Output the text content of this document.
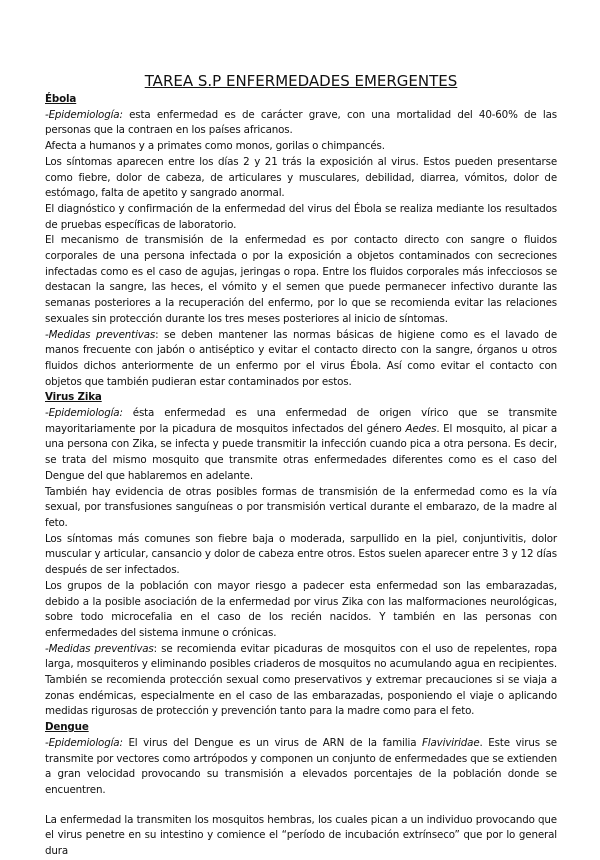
TAREA S.P ENFERMEDADES EMERGENTES
Ébola

-Epidemiología: esta enfermedad es de carácter grave, con una mortalidad del 40-60% de las personas que la contraen en los países africanos.

Afecta a humanos y a primates como monos, gorilas o chimpancés.

Los síntomas aparecen entre los días 2 y 21 trás la exposición al virus. Estos pueden presentarse como fiebre, dolor de cabeza, de articulares y musculares, debilidad, diarrea, vómitos, dolor de estómago, falta de apetito y sangrado anormal.

El diagnóstico y confirmación de la enfermedad del virus del Ébola se realiza mediante los resultados de pruebas específicas de laboratorio.

El mecanismo de transmisión de la enfermedad es por contacto directo con sangre o fluidos corporales de una persona infectada o por la exposición a objetos contaminados con secreciones infectadas como es el caso de agujas, jeringas o ropa. Entre los fluidos corporales más infecciosos se destacan la sangre, las heces, el vómito y el semen que puede permanecer infectivo durante las semanas posteriores a la recuperación del enfermo, por lo que se recomienda evitar las relaciones sexuales sin protección durante los tres meses posteriores al inicio de síntomas.

-Medidas preventivas: se deben mantener las normas básicas de higiene como es el lavado de manos frecuente con jabón o antiséptico y evitar el contacto directo con la sangre, órganos u otros fluidos dichos anteriormente de un enfermo por el virus Ébola. Así como evitar el contacto con objetos que también pudieran estar contaminados por estos.

Virus Zika

-Epidemiología: ésta enfermedad es una enfermedad de origen vírico que se transmite mayoritariamente por la picadura de mosquitos infectados del género Aedes. El mosquito, al picar a una persona con Zika, se infecta y puede transmitir la infección cuando pica a otra persona. Es decir, se trata del mismo mosquito que transmite otras enfermedades diferentes como es el caso del Dengue del que hablaremos en adelante.

También hay evidencia de otras posibles formas de transmisión de la enfermedad como es la vía sexual, por transfusiones sanguíneas o por transmisión vertical durante el embarazo, de la madre al feto.

Los síntomas más comunes son fiebre baja o moderada, sarpullido en la piel, conjuntivitis, dolor muscular y articular, cansancio y dolor de cabeza entre otros. Estos suelen aparecer entre 3 y 12 días después de ser infectados.

Los grupos de la población con mayor riesgo a padecer esta enfermedad son las embarazadas, debido a la posible asociación de la enfermedad por virus Zika con las malformaciones neurológicas, sobre todo microcefalia en el caso de los recién nacidos. Y también en las personas con enfermedades del sistema inmune o crónicas.

-Medidas preventivas: se recomienda evitar picaduras de mosquitos con el uso de repelentes, ropa larga, mosquiteros y eliminando posibles criaderos de mosquitos no acumulando agua en recipientes. También se recomienda protección sexual como preservativos y extremar precauciones si se viaja a zonas endémicas, especialmente en el caso de las embarazadas, posponiendo el viaje o aplicando medidas rigurosas de protección y prevención tanto para la madre como para el feto.

Dengue

-Epidemiología: El virus del Dengue es un virus de ARN de la familia Flaviviridae. Este virus se transmite por vectores como artrópodos y componen un conjunto de enfermedades que se extienden a gran velocidad provocando su transmisión a elevados porcentajes de la población donde se encuentren.

La enfermedad la transmiten los mosquitos hembras, los cuales pican a un individuo provocando que el virus penetre en su intestino y comience el “período de incubación extrínseco” que por lo general dura
